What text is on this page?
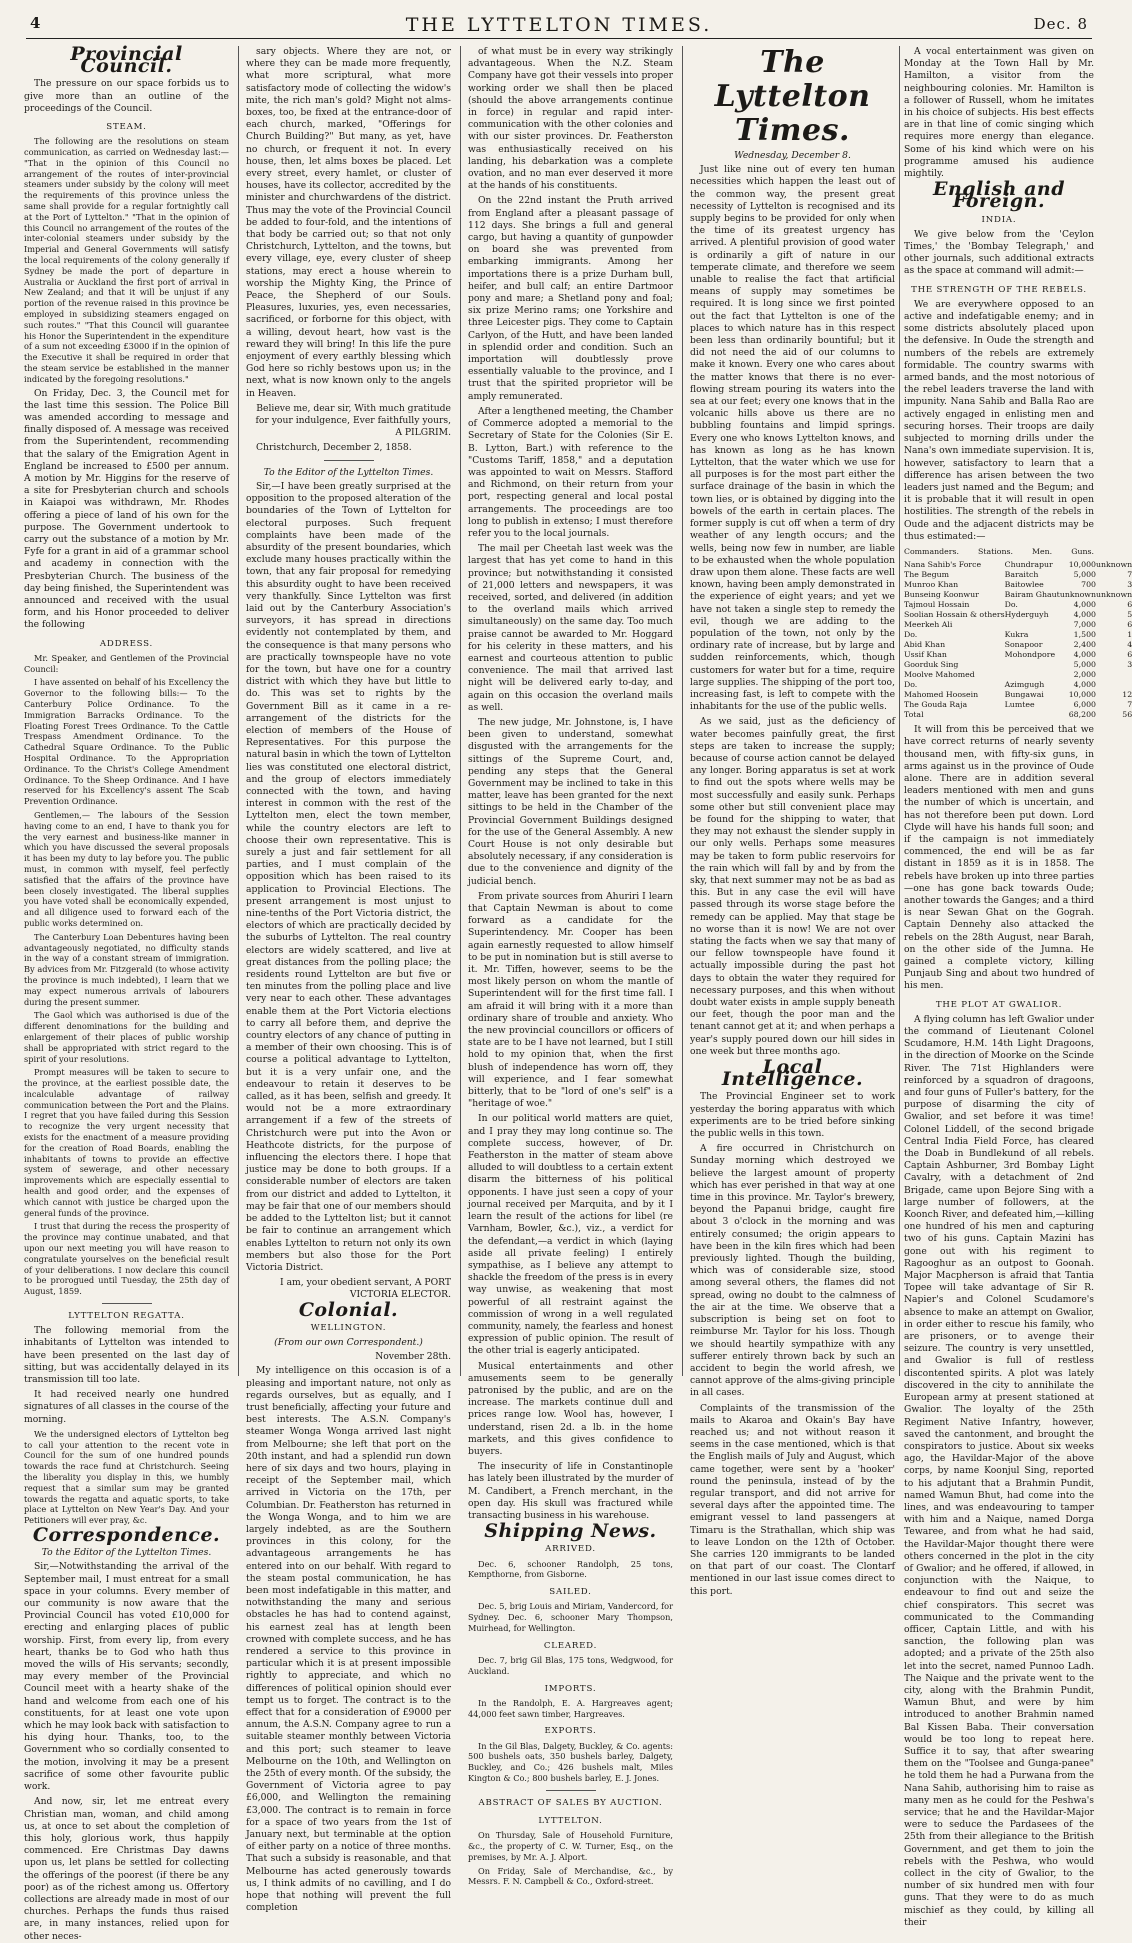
4	THE LYTTELTON TIMES.	Dec. 8
Provincial Council.

The pressure on our space forbids us to give more than an outline of the proceedings of the Council.

STEAM.

The following are the resolutions on steam communication, as carried on Wednesday last:— "That in the opinion of this Council no arrangement of the routes of inter-provincial steamers under subsidy by the colony will meet the requirements of this province unless the same shall provide for a regular fortnightly call at the Port of Lyttelton." "That in the opinion of this Council no arrangement of the routes of the inter-colonial steamers under subsidy by the Imperial and General Governments will satisfy the local requirements of the colony generally if Sydney be made the port of departure in Australia or Auckland the first port of arrival in New Zealand; and that it will be unjust if any portion of the revenue raised in this province be employed in subsidizing steamers engaged on such routes." "That this Council will guarantee his Honor the Superintendent in the expenditure of a sum not exceeding £3000 if in the opinion of the Executive it shall be required in order that the steam service be established in the manner indicated by the foregoing resolutions."

On Friday, Dec. 3, the Council met for the last time this session. The Police Bill was amended according to message and finally disposed of. A message was received from the Superintendent, recommending that the salary of the Emigration Agent in England be increased to £500 per annum. A motion by Mr. Higgins for the reserve of a site for Presbyterian church and schools in Kaiapoi was withdrawn, Mr. Rhodes offering a piece of land of his own for the purpose. The Government undertook to carry out the substance of a motion by Mr. Fyfe for a grant in aid of a grammar school and academy in connection with the Presbyterian Church. The business of the day being finished, the Superintendent was announced and received with the usual form, and his Honor proceeded to deliver the following

ADDRESS.

Mr. Speaker, and Gentlemen of the Provincial Council:

I have assented on behalf of his Excellency the Governor to the following bills:— To the Canterbury Police Ordinance. To the Immigration Barracks Ordinance. To the Floating Forest Trees Ordinance. To the Cattle Trespass Amendment Ordinance. To the Cathedral Square Ordinance. To the Public Hospital Ordinance. To the Appropriation Ordinance. To the Christ's College Amendment Ordinance. To the Sheep Ordinance. And I have reserved for his Excellency's assent The Scab Prevention Ordinance.

Gentlemen,— The labours of the Session having come to an end, I have to thank you for the very earnest and business-like manner in which you have discussed the several proposals it has been my duty to lay before you. The public must, in common with myself, feel perfectly satisfied that the affairs of the province have been closely investigated. The liberal supplies you have voted shall be economically expended, and all diligence used to forward each of the public works determined on.

The Canterbury Loan Debentures having been advantageously negotiated, no difficulty stands in the way of a constant stream of immigration. By advices from Mr. Fitzgerald (to whose activity the province is much indebted), I learn that we may expect numerous arrivals of labourers during the present summer.

The Gaol which was authorised is due of the different denominations for the building and enlargement of their places of public worship shall be appropriated with strict regard to the spirit of your resolutions.

Prompt measures will be taken to secure to the province, at the earliest possible date, the incalculable advantage of railway communication between the Port and the Plains. I regret that you have failed during this Session to recognize the very urgent necessity that exists for the enactment of a measure providing for the creation of Road Boards, enabling the inhabitants of towns to provide an effective system of sewerage, and other necessary improvements which are especially essential to health and good order, and the expenses of which cannot with justice be charged upon the general funds of the province.

I trust that during the recess the prosperity of the province may continue unabated, and that upon our next meeting you will have reason to congratulate yourselves on the beneficial result of your deliberations. I now declare this council to be prorogued until Tuesday, the 25th day of August, 1859.

LYTTELTON REGATTA.

The following memorial from the inhabitants of Lyttelton was intended to have been presented on the last day of sitting, but was accidentally delayed in its transmission till too late.

It had received nearly one hundred signatures of all classes in the course of the morning.

We the undersigned electors of Lyttelton beg to call your attention to the recent vote in Council for the sum of one hundred pounds towards the race fund at Christchurch. Seeing the liberality you display in this, we humbly request that a similar sum may be granted towards the regatta and aquatic sports, to take place at Lyttelton on New Year's Day. And your Petitioners will ever pray, &c.

Correspondence.
To the Editor of the Lyttelton Times.

Sir,—Notwithstanding the arrival of the September mail, I must entreat for a small space in your columns. Every member of our community is now aware that the Provincial Council has voted £10,000 for erecting and enlarging places of public worship. First, from every lip, from every heart, thanks be to God who hath thus moved the wills of His servants; secondly, may every member of the Provincial Council meet with a hearty shake of the hand and welcome from each one of his constituents, for at least one vote upon which he may look back with satisfaction to his dying hour. Thanks, too, to the Government who so cordially consented to the motion, involving it may be a present sacrifice of some other favourite public work.

And now, sir, let me entreat every Christian man, woman, and child among us, at once to set about the completion of this holy, glorious work, thus happily commenced. Ere Christmas Day dawns upon us, let plans be settled for collecting the offerings of the poorest (if there be any poor) as of the richest among us. Offertory collections are already made in most of our churches. Perhaps the funds thus raised are, in many instances, relied upon for other neces-

sary objects. Where they are not, or where they can be made more frequently, what more scriptural, what more satisfactory mode of collecting the widow's mite, the rich man's gold? Might not alms-boxes, too, be fixed at the entrance-door of each church, marked, "Offerings for Church Building?" But many, as yet, have no church, or frequent it not. In every house, then, let alms boxes be placed. Let every street, every hamlet, or cluster of houses, have its collector, accredited by the minister and churchwardens of the district. Thus may the vote of the Provincial Council be added to four-fold, and the intentions of that body be carried out; so that not only Christchurch, Lyttelton, and the towns, but every village, eye, every cluster of sheep stations, may erect a house wherein to worship the Mighty King, the Prince of Peace, the Shepherd of our Souls. Pleasures, luxuries, yes, even necessaries, sacrificed, or forborne for this object, with a willing, devout heart, how vast is the reward they will bring! In this life the pure enjoyment of every earthly blessing which God here so richly bestows upon us; in the next, what is now known only to the angels in Heaven.

Believe me, dear sir, With much gratitude for your indulgence, Ever faithfully yours, A PILGRIM.

Christchurch, December 2, 1858.

To the Editor of the Lyttelton Times.

Sir,—I have been greatly surprised at the opposition to the proposed alteration of the boundaries of the Town of Lyttelton for electoral purposes. Such frequent complaints have been made of the absurdity of the present boundaries, which exclude many houses practically within the town, that any fair proposal for remedying this absurdity ought to have been received very thankfully. Since Lyttelton was first laid out by the Canterbury Association's surveyors, it has spread in directions evidently not contemplated by them, and the consequence is that many persons who are practically townspeople have no vote for the town, but have one for a country district with which they have but little to do. This was set to rights by the Government Bill as it came in a re-arrangement of the districts for the election of members of the House of Representatives. For this purpose the natural basin in which the town of Lyttelton lies was constituted one electoral district, and the group of electors immediately connected with the town, and having interest in common with the rest of the Lyttelton men, elect the town member, while the country electors are left to choose their own representative. This is surely a just and fair settlement for all parties, and I must complain of the opposition which has been raised to its application to Provincial Elections. The present arrangement is most unjust to nine-tenths of the Port Victoria district, the electors of which are practically decided by the suburbs of Lyttelton. The real country electors are widely scattered, and live at great distances from the polling place; the residents round Lyttelton are but five or ten minutes from the polling place and live very near to each other. These advantages enable them at the Port Victoria elections to carry all before them, and deprive the country electors of any chance of putting in a member of their own choosing. This is of course a political advantage to Lyttelton, but it is a very unfair one, and the endeavour to retain it deserves to be called, as it has been, selfish and greedy. It would not be a more extraordinary arrangement if a few of the streets of Christchurch were put into the Avon or Heathcote districts, for the purpose of influencing the electors there. I hope that justice may be done to both groups. If a considerable number of electors are taken from our district and added to Lyttelton, it may be fair that one of our members should be added to the Lyttelton list; but it cannot be fair to continue an arrangement which enables Lyttelton to return not only its own members but also those for the Port Victoria District.

I am, your obedient servant, A PORT VICTORIA ELECTOR.
Colonial.
WELLINGTON.
(From our own Correspondent.)
November 28th.

My intelligence on this occasion is of a pleasing and important nature, not only as regards ourselves, but as equally, and I trust beneficially, affecting your future and best interests. The A.S.N. Company's steamer Wonga Wonga arrived last night from Melbourne; she left that port on the 20th instant, and had a splendid run down here of six days and two hours, playing in receipt of the September mail, which arrived in Victoria on the 17th, per Columbian. Dr. Featherston has returned in the Wonga Wonga, and to him we are largely indebted, as are the Southern provinces in this colony, for the advantageous arrangements he has entered into on our behalf. With regard to the steam postal communication, he has been most indefatigable in this matter, and notwithstanding the many and serious obstacles he has had to contend against, his earnest zeal has at length been crowned with complete success, and he has rendered a service to this province in particular which it is at present impossible rightly to appreciate, and which no differences of political opinion should ever tempt us to forget. The contract is to the effect that for a consideration of £9000 per annum, the A.S.N. Company agree to run a suitable steamer monthly between Victoria and this port; such steamer to leave Melbourne on the 10th, and Wellington on the 25th of every month. Of the subsidy, the Government of Victoria agree to pay £6,000, and Wellington the remaining £3,000. The contract is to remain in force for a space of two years from the 1st of January next, but terminable at the option of either party on a notice of three months. That such a subsidy is reasonable, and that Melbourne has acted generously towards us, I think admits of no cavilling, and I do hope that nothing will prevent the full completion

of what must be in every way strikingly advantageous. When the N.Z. Steam Company have got their vessels into proper working order we shall then be placed (should the above arrangements continue in force) in regular and rapid inter-communication with the other colonies and with our sister provinces. Dr. Featherston was enthusiastically received on his landing, his debarkation was a complete ovation, and no man ever deserved it more at the hands of his constituents.

On the 22nd instant the Pruth arrived from England after a pleasant passage of 112 days. She brings a full and general cargo, but having a quantity of gunpowder on board she was prevented from embarking immigrants. Among her importations there is a prize Durham bull, heifer, and bull calf; an entire Dartmoor pony and mare; a Shetland pony and foal; six prize Merino rams; one Yorkshire and three Leicester pigs. They come to Captain Carlyon, of the Hutt, and have been landed in splendid order and condition. Such an importation will doubtlessly prove essentially valuable to the province, and I trust that the spirited proprietor will be amply remunerated.

After a lengthened meeting, the Chamber of Commerce adopted a memorial to the Secretary of State for the Colonies (Sir E. B. Lytton, Bart.) with reference to the "Customs Tariff, 1858," and a deputation was appointed to wait on Messrs. Stafford and Richmond, on their return from your port, respecting general and local postal arrangements. The proceedings are too long to publish in extenso; I must therefore refer you to the local journals.

The mail per Cheetah last week was the largest that has yet come to hand in this province; but notwithstanding it consisted of 21,000 letters and newspapers, it was received, sorted, and delivered (in addition to the overland mails which arrived simultaneously) on the same day. Too much praise cannot be awarded to Mr. Hoggard for his celerity in these matters, and his earnest and courteous attention to public convenience. The mail that arrived last night will be delivered early to-day, and again on this occasion the overland mails as well.

The new judge, Mr. Johnstone, is, I have been given to understand, somewhat disgusted with the arrangements for the sittings of the Supreme Court, and, pending any steps that the General Government may be inclined to take in this matter, leave has been granted for the next sittings to be held in the Chamber of the Provincial Government Buildings designed for the use of the General Assembly. A new Court House is not only desirable but absolutely necessary, if any consideration is due to the convenience and dignity of the judicial bench.

From private sources from Ahuriri I learn that Captain Newman is about to come forward as a candidate for the Superintendency. Mr. Cooper has been again earnestly requested to allow himself to be put in nomination but is still averse to it. Mr. Tiffen, however, seems to be the most likely person on whom the mantle of Superintendent will for the first time fall. I am afraid it will bring with it a more than ordinary share of trouble and anxiety. Who the new provincial councillors or officers of state are to be I have not learned, but I still hold to my opinion that, when the first blush of independence has worn off, they will experience, and I fear somewhat bitterly, that to be "lord of one's self" is a "heritage of woe."

In our political world matters are quiet, and I pray they may long continue so. The complete success, however, of Dr. Featherston in the matter of steam above alluded to will doubtless to a certain extent disarm the bitterness of his political opponents. I have just seen a copy of your journal received per Marquita, and by it I learn the result of the actions for libel (re Varnham, Bowler, &c.), viz., a verdict for the defendant,—a verdict in which (laying aside all private feeling) I entirely sympathise, as I believe any attempt to shackle the freedom of the press is in every way unwise, as weakening that most powerful of all restraint against the commission of wrong in a well regulated community, namely, the fearless and honest expression of public opinion. The result of the other trial is eagerly anticipated.

Musical entertainments and other amusements seem to be generally patronised by the public, and are on the increase. The markets continue dull and prices range low. Wool has, however, I understand, risen 2d. a lb. in the home markets, and this gives confidence to buyers.

The insecurity of life in Constantinople has lately been illustrated by the murder of M. Candibert, a French merchant, in the open day. His skull was fractured while transacting business in his warehouse.

Shipping News.
ARRIVED.

Dec. 6, schooner Randolph, 25 tons, Kempthorne, from Gisborne.

SAILED.

Dec. 5, brig Louis and Miriam, Vandercord, for Sydney. Dec. 6, schooner Mary Thompson, Muirhead, for Wellington.

CLEARED.

Dec. 7, brig Gil Blas, 175 tons, Wedgwood, for Auckland.

IMPORTS.

In the Randolph, E. A. Hargreaves agent; 44,000 feet sawn timber, Hargreaves.

EXPORTS.

In the Gil Blas, Dalgety, Buckley, & Co. agents: 500 bushels oats, 350 bushels barley, Dalgety, Buckley, and Co.; 426 bushels malt, Miles Kington & Co.; 800 bushels barley, E. J. Jones.

ABSTRACT OF SALES BY AUCTION.
LYTTELTON.

On Thursday, Sale of Household Furniture, &c., the property of C. W. Turner, Esq., on the premises, by Mr. A. J. Alport.

On Friday, Sale of Merchandise, &c., by Messrs. F. N. Campbell & Co., Oxford-street.

The Lyttelton Times.
Wednesday, December 8.

Just like nine out of every ten human necessities which happen the least out of the common way, the present great necessity of Lyttelton is recognised and its supply begins to be provided for only when the time of its greatest urgency has arrived. A plentiful provision of good water is ordinarily a gift of nature in our temperate climate, and therefore we seem unable to realise the fact that artificial means of supply may sometimes be required. It is long since we first pointed out the fact that Lyttelton is one of the places to which nature has in this respect been less than ordinarily bountiful; but it did not need the aid of our columns to make it known. Every one who cares about the matter knows that there is no ever-flowing stream pouring its waters into the sea at our feet; every one knows that in the volcanic hills above us there are no bubbling fountains and limpid springs. Every one who knows Lyttelton knows, and has known as long as he has known Lyttelton, that the water which we use for all purposes is for the most part either the surface drainage of the basin in which the town lies, or is obtained by digging into the bowels of the earth in certain places. The former supply is cut off when a term of dry weather of any length occurs; and the wells, being now few in number, are liable to be exhausted when the whole population draw upon them alone. These facts are well known, having been amply demonstrated in the experience of eight years; and yet we have not taken a single step to remedy the evil, though we are adding to the population of the town, not only by the ordinary rate of increase, but by large and sudden reinforcements, which, though customers for water but for a time, require large supplies. The shipping of the port too, increasing fast, is left to compete with the inhabitants for the use of the public wells.

As we said, just as the deficiency of water becomes painfully great, the first steps are taken to increase the supply; because of course action cannot be delayed any longer. Boring apparatus is set at work to find out the spots where wells may be most successfully and easily sunk. Perhaps some other but still convenient place may be found for the shipping to water, that they may not exhaust the slender supply in our only wells. Perhaps some measures may be taken to form public reservoirs for the rain which will fall by and by from the sky, that next summer may not be as bad as this. But in any case the evil will have passed through its worse stage before the remedy can be applied. May that stage be no worse than it is now! We are not over stating the facts when we say that many of our fellow townspeople have found it actually impossible during the past hot days to obtain the water they required for necessary purposes, and this when without doubt water exists in ample supply beneath our feet, though the poor man and the tenant cannot get at it; and when perhaps a year's supply poured down our hill sides in one week but three months ago.

Local Intelligence.

The Provincial Engineer set to work yesterday the boring apparatus with which experiments are to be tried before sinking the public wells in this town.

A fire occurred in Christchurch on Sunday morning which destroyed we believe the largest amount of property which has ever perished in that way at one time in this province. Mr. Taylor's brewery, beyond the Papanui bridge, caught fire about 3 o'clock in the morning and was entirely consumed; the origin appears to have been in the kiln fires which had been previously lighted. Though the building, which was of considerable size, stood among several others, the flames did not spread, owing no doubt to the calmness of the air at the time. We observe that a subscription is being set on foot to reimburse Mr. Taylor for his loss. Though we should heartily sympathize with any sufferer entirely thrown back by such an accident to begin the world afresh, we cannot approve of the alms-giving principle in all cases.

Complaints of the transmission of the mails to Akaroa and Okain's Bay have reached us; and not without reason it seems in the case mentioned, which is that the English mails of July and August, which came together, were sent by a 'hooker' round the peninsula, instead of by the regular transport, and did not arrive for several days after the appointed time. The emigrant vessel to land passengers at Timaru is the Strathallan, which ship was to leave London on the 12th of October. She carries 120 immigrants to be landed on that part of our coast. The Clontarf mentioned in our last issue comes direct to this port.

A vocal entertainment was given on Monday at the Town Hall by Mr. Hamilton, a visitor from the neighbouring colonies. Mr. Hamilton is a follower of Russell, whom he imitates in his choice of subjects. His best effects are in that line of comic singing which requires more energy than elegance. Some of his kind which were on his programme amused his audience mightily.

English and Foreign.
INDIA.

We give below from the 'Ceylon Times,' the 'Bombay Telegraph,' and other journals, such additional extracts as the space at command will admit:—

THE STRENGTH OF THE REBELS.

We are everywhere opposed to an active and indefatigable enemy; and in some districts absolutely placed upon the defensive. In Oude the strength and numbers of the rebels are extremely formidable. The country swarms with armed bands, and the most notorious of the rebel leaders traverse the land with impunity. Nana Sahib and Balla Rao are actively engaged in enlisting men and securing horses. Their troops are daily subjected to morning drills under the Nana's own immediate supervision. It is, however, satisfactory to learn that a difference has arisen between the two leaders just named and the Begum; and it is probable that it will result in open hostilities. The strength of the rebels in Oude and the adjacent districts may be thus estimated:—

Commanders. Stations. Men. Guns.
Nana Sahib's Force	Chundrapur	10,000	unknown
The Begum	Baraitch	5,000	7
Munroo Khan	Baitowlee	700	3
Bunseing Koonwur	Bairam Ghaut	unknown	unknown
Tajmoul Hossain	Do.	4,000	6
Soolian Hossain & others	Hyderguyh	4,000	5
Meerkeh Ali		7,000	6
Do.	Kukra	1,500	1
Abid Khan	Sonapoor	2,400	4
Ussif Khan	Mohondpore	4,000	6
Goorduk Sing		5,000	3
Moolve Mahomed		2,000	
Do.	Azimgugh	4,000	
Mahomed Hoosein	Bungawai	10,000	12
The Gouda Raja	Lumtee	6,000	7
Total		68,200	56

It will from this be perceived that we have correct returns of nearly seventy thousand men, with fifty-six guns, in arms against us in the province of Oude alone. There are in addition several leaders mentioned with men and guns the number of which is uncertain, and has not therefore been put down. Lord Clyde will have his hands full soon; and if the campaign is not immediately commenced, the end will be as far distant in 1859 as it is in 1858. The rebels have broken up into three parties—one has gone back towards Oude; another towards the Ganges; and a third is near Sewan Ghat on the Gograh. Captain Dennehy also attacked the rebels on the 28th August, near Barah, on the other side of the Jumna. He gained a complete victory, killing Punjaub Sing and about two hundred of his men.

THE PLOT AT GWALIOR.

A flying column has left Gwalior under the command of Lieutenant Colonel Scudamore, H.M. 14th Light Dragoons, in the direction of Moorke on the Scinde River. The 71st Highlanders were reinforced by a squadron of dragoons, and four guns of Fuller's battery, for the purpose of disarming the city of Gwalior, and set before it was time! Colonel Liddell, of the second brigade Central India Field Force, has cleared the Doab in Bundlekund of all rebels. Captain Ashburner, 3rd Bombay Light Cavalry, with a detachment of 2nd Brigade, came upon Bejore Sing with a large number of followers, at the Koonch River, and defeated him,—killing one hundred of his men and capturing two of his guns. Captain Mazini has gone out with his regiment to Ragooghur as an outpost to Goonah. Major Macpherson is afraid that Tantia Topee will take advantage of Sir R. Napier's and Colonel Scudamore's absence to make an attempt on Gwalior, in order either to rescue his family, who are prisoners, or to avenge their seizure. The country is very unsettled, and Gwalior is full of restless discontented spirits. A plot was lately discovered in the city to annihilate the European army at present stationed at Gwalior. The loyalty of the 25th Regiment Native Infantry, however, saved the cantonment, and brought the conspirators to justice. About six weeks ago, the Havildar-Major of the above corps, by name Koonjul Sing, reported to his adjutant that a Brahmin Pundit, named Wamun Bhut, had come into the lines, and was endeavouring to tamper with him and a Naique, named Dorga Tewaree, and from what he had said, the Havildar-Major thought there were others concerned in the plot in the city of Gwalior; and he offered, if allowed, in conjunction with the Naique, to endeavour to find out and seize the chief conspirators. This secret was communicated to the Commanding officer, Captain Little, and with his sanction, the following plan was adopted; and a private of the 25th also let into the secret, named Punnoo Ladh. The Naique and the private went to the city, along with the Brahmin Pundit, Wamun Bhut, and were by him introduced to another Brahmin named Bal Kissen Baba. Their conversation would be too long to repeat here. Suffice it to say, that after swearing them on the "Toolsee and Gunga-panee" he told them he had a Purwana from the Nana Sahib, authorising him to raise as many men as he could for the Peshwa's service; that he and the Havildar-Major were to seduce the Pardasees of the 25th from their allegiance to the British Government, and get them to join the rebels with the Peshwa, who would collect in the city of Gwalior, to the number of six hundred men with four guns. That they were to do as much mischief as they could, by killing all their
